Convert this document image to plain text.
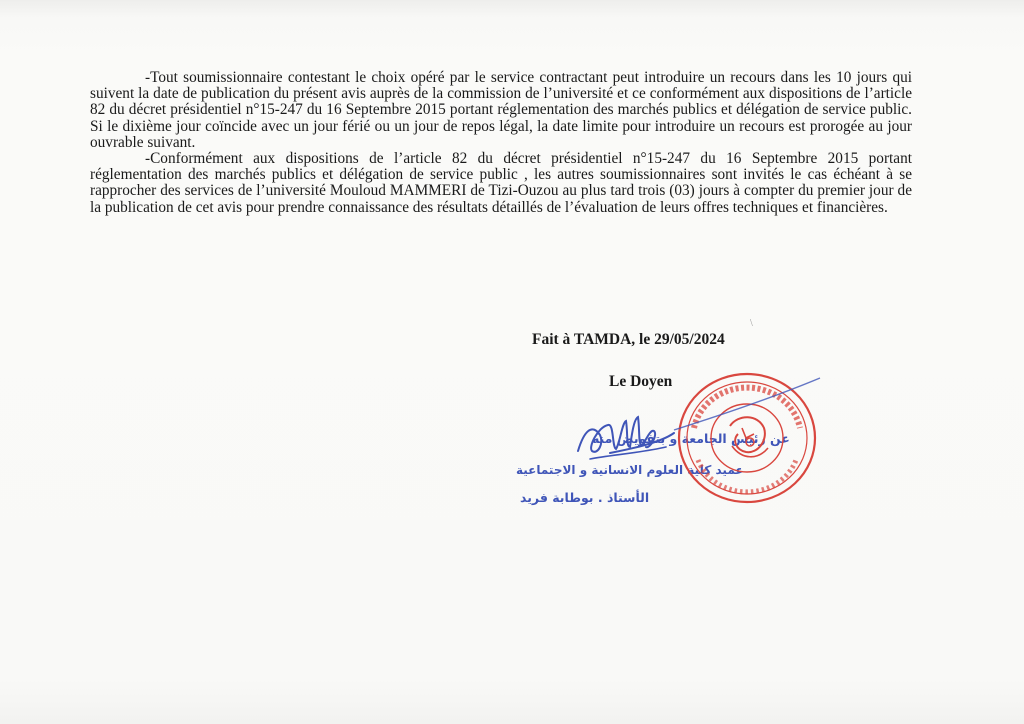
-Tout soumissionnaire contestant le choix opéré par le service contractant peut introduire un recours dans les 10 jours qui suivent la date de publication du présent avis auprès de la commission de l’université et ce conformément aux dispositions de l’article 82 du décret présidentiel n°15-247 du 16 Septembre 2015 portant réglementation des marchés publics et délégation de service public. Si le dixième jour coïncide avec un jour férié ou un jour de repos légal, la date limite pour introduire un recours est prorogée au jour ouvrable suivant.

-Conformément aux dispositions de l’article 82 du décret présidentiel n°15-247 du 16 Septembre 2015 portant réglementation des marchés publics et délégation de service public , les autres soumissionnaires sont invités le cas échéant à se rapprocher des services de l’université Mouloud MAMMERI de Tizi-Ouzou au plus tard trois (03) jours à compter du premier jour de la publication de cet avis pour prendre connaissance des résultats détaillés de l’évaluation de leurs offres techniques et financières.

\
Fait à TAMDA, le 29/05/2024
Le Doyen
عن رئيس الجامعة و بتفويض منه
عميد كلية العلوم الانسانية و الاجتماعية
الأستاذ . بوطابة فريد
